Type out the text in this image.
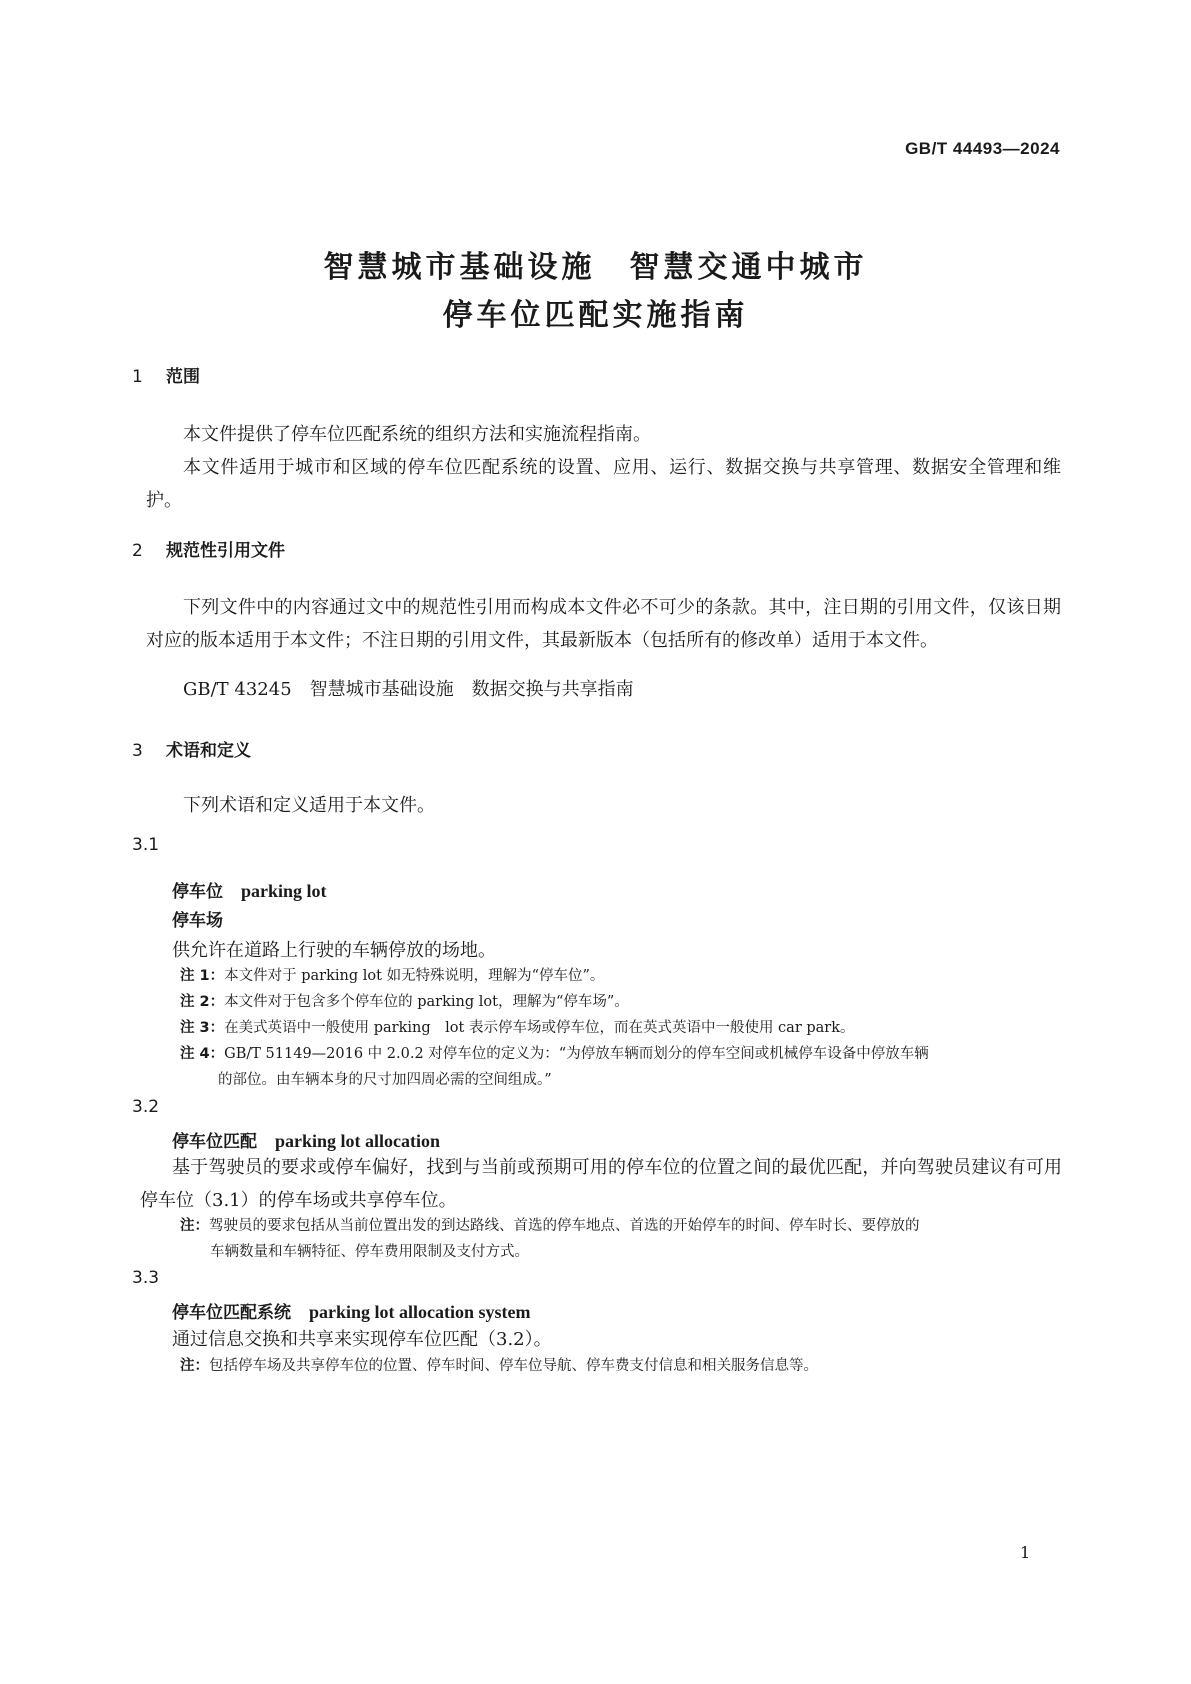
GB/T 44493—2024
智慧城市基础设施　智慧交通中城市
停车位匹配实施指南
1 范围
本文件提供了停车位匹配系统的组织方法和实施流程指南。
本文件适用于城市和区域的停车位匹配系统的设置、应用、运行、数据交换与共享管理、数据安全管理和维护。
2 规范性引用文件
下列文件中的内容通过文中的规范性引用而构成本文件必不可少的条款。其中，注日期的引用文件，仅该日期对应的版本适用于本文件；不注日期的引用文件，其最新版本（包括所有的修改单）适用于本文件。
GB/T 43245　智慧城市基础设施　数据交换与共享指南
3 术语和定义
下列术语和定义适用于本文件。
3.1
停车位 parking lot
停车场
供允许在道路上行驶的车辆停放的场地。
注 1：本文件对于 parking lot 如无特殊说明，理解为“停车位”。
注 2：本文件对于包含多个停车位的 parking lot，理解为“停车场”。
注 3：在美式英语中一般使用 parking　lot 表示停车场或停车位，而在英式英语中一般使用 car park。
注 4：GB/T 51149—2016 中 2.0.2 对停车位的定义为：“为停放车辆而划分的停车空间或机械停车设备中停放车辆
的部位。由车辆本身的尺寸加四周必需的空间组成。”
3.2
停车位匹配 parking lot allocation
基于驾驶员的要求或停车偏好，找到与当前或预期可用的停车位的位置之间的最优匹配，并向驾驶员建议有可用停车位（3.1）的停车场或共享停车位。
注：驾驶员的要求包括从当前位置出发的到达路线、首选的停车地点、首选的开始停车的时间、停车时长、要停放的
车辆数量和车辆特征、停车费用限制及支付方式。
3.3
停车位匹配系统 parking lot allocation system
通过信息交换和共享来实现停车位匹配（3.2）。
注：包括停车场及共享停车位的位置、停车时间、停车位导航、停车费支付信息和相关服务信息等。
1
